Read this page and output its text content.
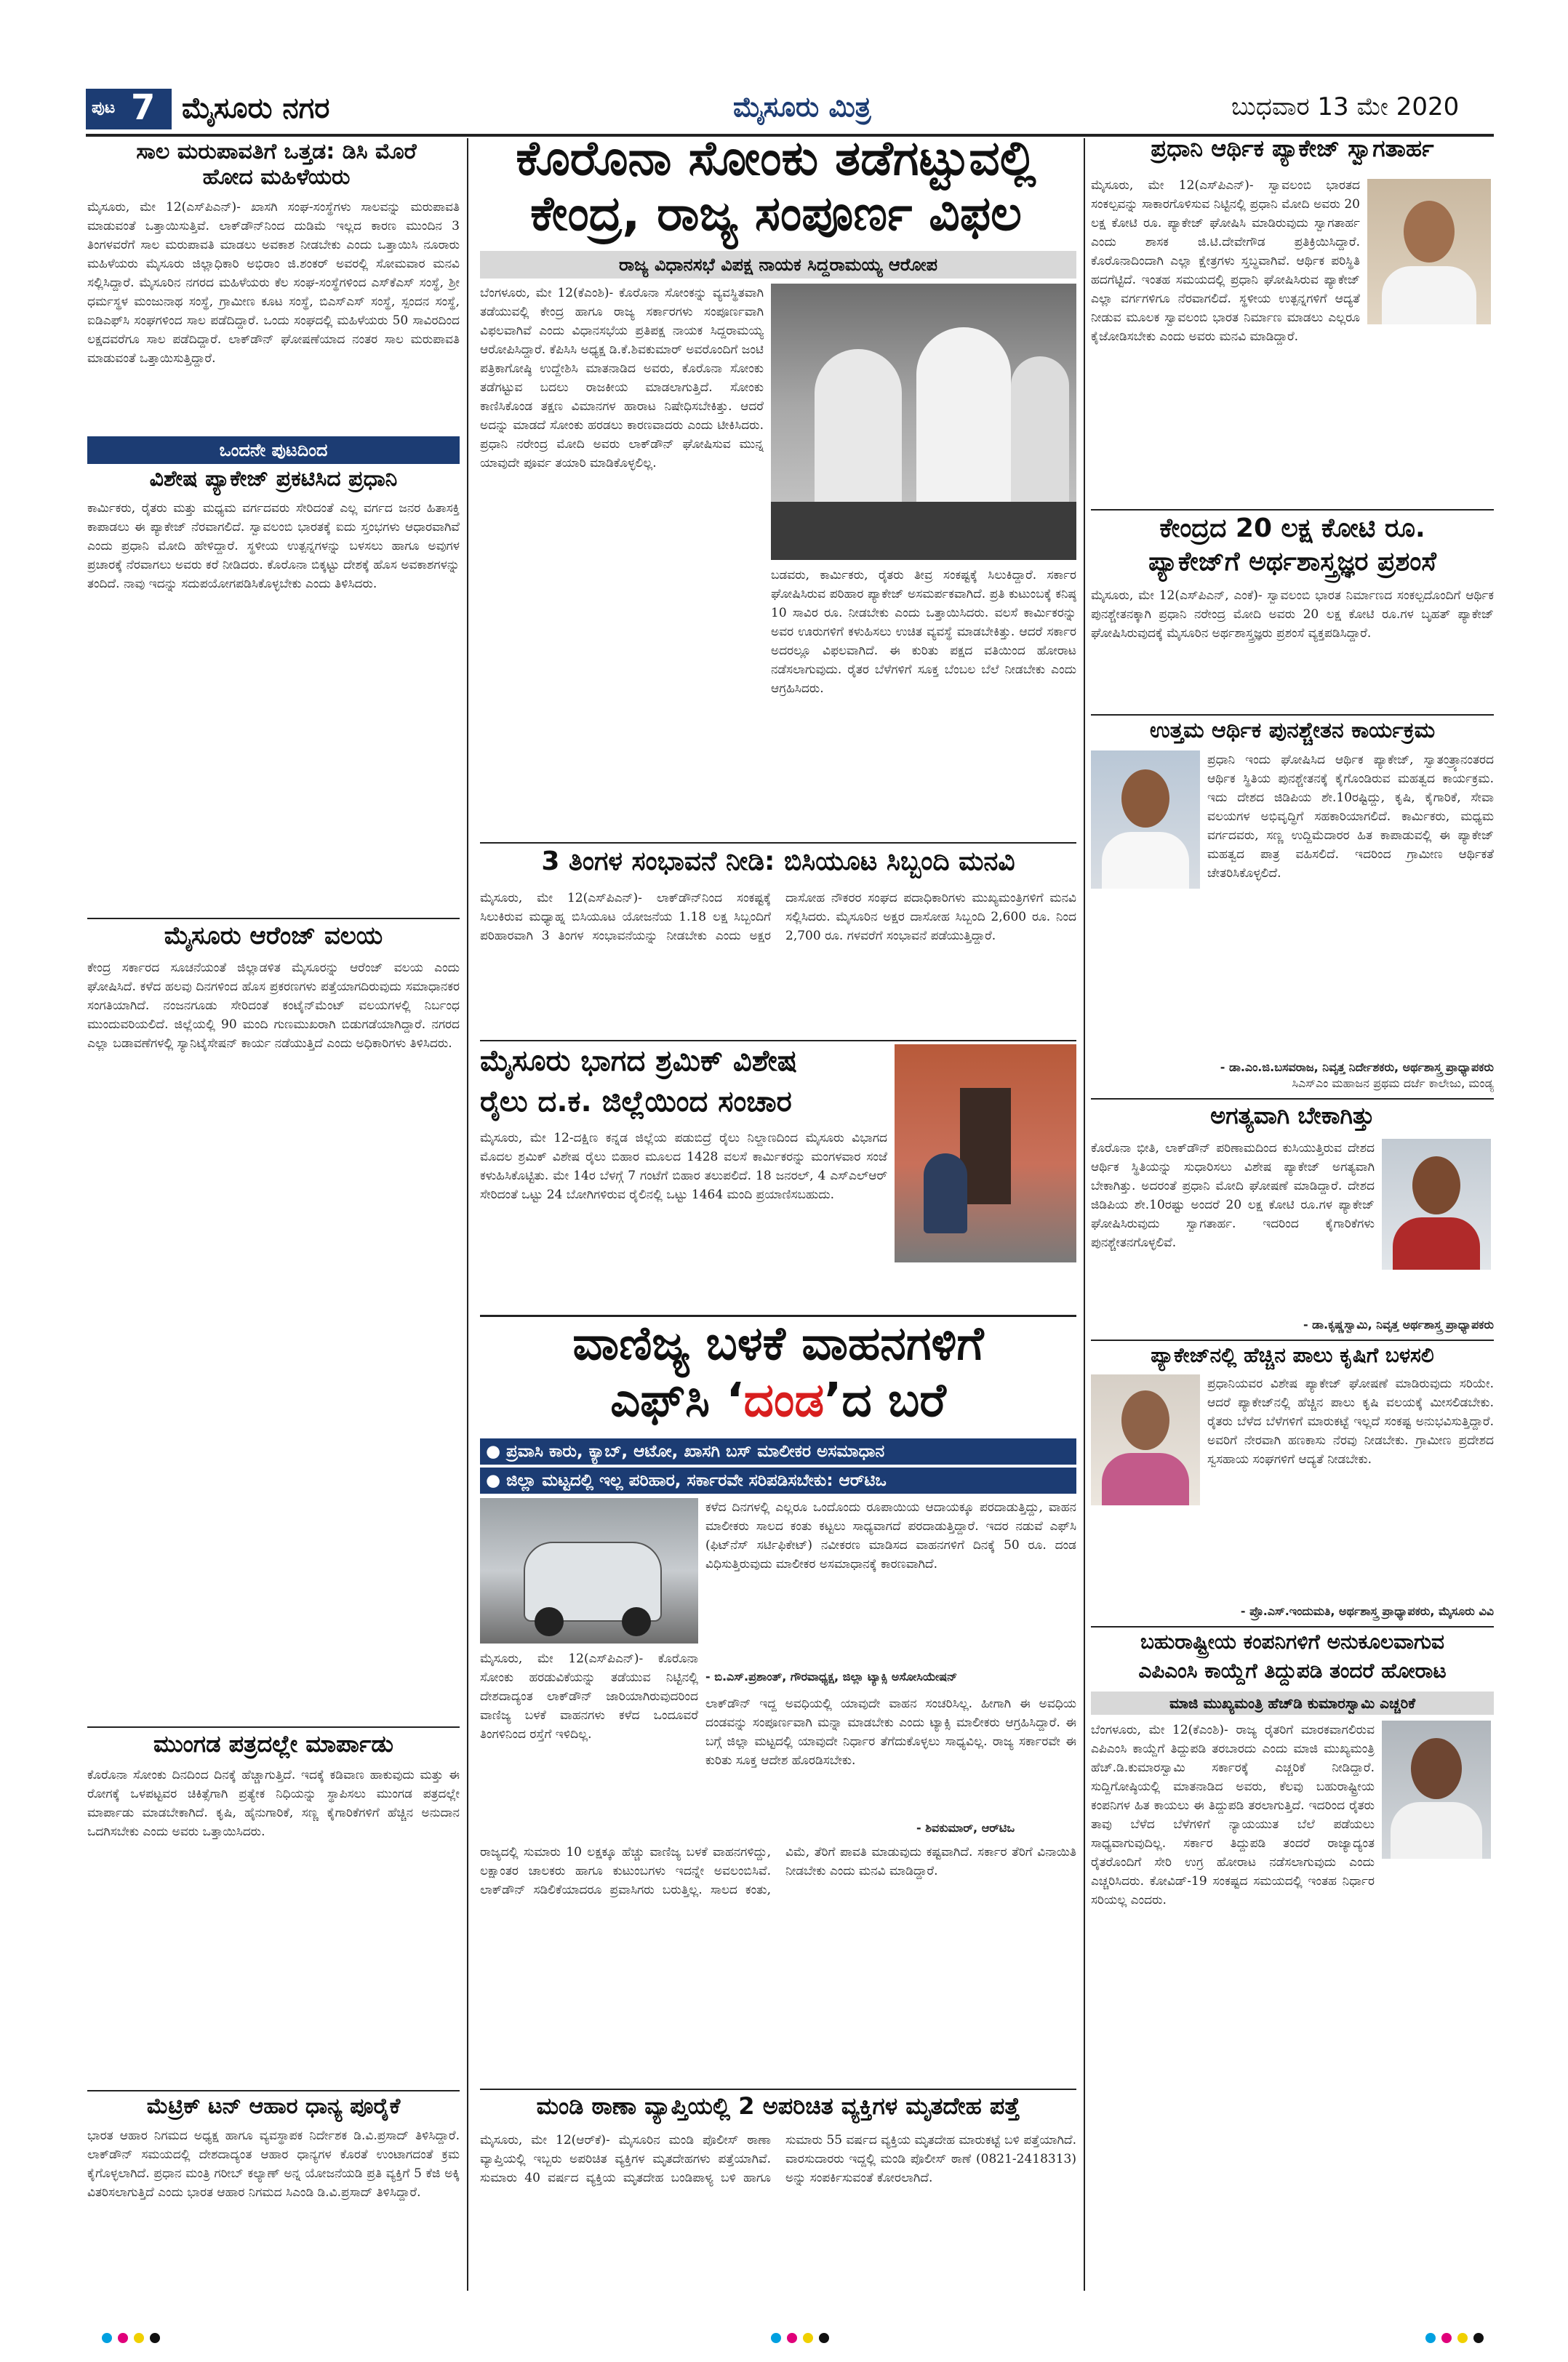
ಪುಟ 7 ಮೈಸೂರು ನಗರ	ಮೈಸೂರು ಮಿತ್ರ	ಬುಧವಾರ 13 ಮೇ 2020
ಸಾಲ ಮರುಪಾವತಿಗೆ ಒತ್ತಡ: ಡಿಸಿ ಮೊರೆ ಹೋದ ಮಹಿಳೆಯರು
ಮೈಸೂರು, ಮೇ 12(ಎಸ್‌ಪಿಎನ್)- ಖಾಸಗಿ ಸಂಘ-ಸಂಸ್ಥೆಗಳು ಸಾಲವನ್ನು ಮರುಪಾವತಿ ಮಾಡುವಂತೆ ಒತ್ತಾಯಿಸುತ್ತಿವೆ. ಲಾಕ್‌ಡೌನ್‌ನಿಂದ ದುಡಿಮೆ ಇಲ್ಲದ ಕಾರಣ ಮುಂದಿನ 3 ತಿಂಗಳವರೆಗೆ ಸಾಲ ಮರುಪಾವತಿ ಮಾಡಲು ಅವಕಾಶ ನೀಡಬೇಕು ಎಂದು ಒತ್ತಾಯಿಸಿ ನೂರಾರು ಮಹಿಳೆಯರು ಮೈಸೂರು ಜಿಲ್ಲಾಧಿಕಾರಿ ಅಭಿರಾಂ ಜಿ.ಶಂಕರ್ ಅವರಲ್ಲಿ ಸೋಮವಾರ ಮನವಿ ಸಲ್ಲಿಸಿದ್ದಾರೆ. ಮೈಸೂರಿನ ನಗರದ ಮಹಿಳೆಯರು ಕೆಲ ಸಂಘ-ಸಂಸ್ಥೆಗಳಿಂದ ಎಸ್‌ಕೆಎಸ್ ಸಂಸ್ಥೆ, ಶ್ರೀ ಧರ್ಮಸ್ಥಳ ಮಂಜುನಾಥ ಸಂಸ್ಥೆ, ಗ್ರಾಮೀಣ ಕೂಟ ಸಂಸ್ಥೆ, ಬಿಎಸ್‌ಎಸ್ ಸಂಸ್ಥೆ, ಸ್ಪಂದನ ಸಂಸ್ಥೆ, ಐಡಿಎಫ್‌ಸಿ ಸಂಘಗಳಿಂದ ಸಾಲ ಪಡೆದಿದ್ದಾರೆ. ಒಂದು ಸಂಘದಲ್ಲಿ ಮಹಿಳೆಯರು 50 ಸಾವಿರದಿಂದ ಲಕ್ಷದವರೆಗೂ ಸಾಲ ಪಡೆದಿದ್ದಾರೆ. ಲಾಕ್‌ಡೌನ್ ಘೋಷಣೆಯಾದ ನಂತರ ಸಾಲ ಮರುಪಾವತಿ ಮಾಡುವಂತೆ ಒತ್ತಾಯಿಸುತ್ತಿದ್ದಾರೆ.
ಒಂದನೇ ಪುಟದಿಂದ
ವಿಶೇಷ ಪ್ಯಾಕೇಜ್ ಪ್ರಕಟಿಸಿದ ಪ್ರಧಾನಿ
ಕಾರ್ಮಿಕರು, ರೈತರು ಮತ್ತು ಮಧ್ಯಮ ವರ್ಗದವರು ಸೇರಿದಂತೆ ಎಲ್ಲ ವರ್ಗದ ಜನರ ಹಿತಾಸಕ್ತಿ ಕಾಪಾಡಲು ಈ ಪ್ಯಾಕೇಜ್ ನೆರವಾಗಲಿದೆ. ಸ್ವಾವಲಂಬಿ ಭಾರತಕ್ಕೆ ಐದು ಸ್ತಂಭಗಳು ಆಧಾರವಾಗಿವೆ ಎಂದು ಪ್ರಧಾನಿ ಮೋದಿ ಹೇಳಿದ್ದಾರೆ. ಸ್ಥಳೀಯ ಉತ್ಪನ್ನಗಳನ್ನು ಬಳಸಲು ಹಾಗೂ ಅವುಗಳ ಪ್ರಚಾರಕ್ಕೆ ನೆರವಾಗಲು ಅವರು ಕರೆ ನೀಡಿದರು. ಕೊರೊನಾ ಬಿಕ್ಕಟ್ಟು ದೇಶಕ್ಕೆ ಹೊಸ ಅವಕಾಶಗಳನ್ನು ತಂದಿದೆ. ನಾವು ಇದನ್ನು ಸದುಪಯೋಗಪಡಿಸಿಕೊಳ್ಳಬೇಕು ಎಂದು ತಿಳಿಸಿದರು.
ಮೈಸೂರು ಆರೆಂಜ್ ವಲಯ
ಕೇಂದ್ರ ಸರ್ಕಾರದ ಸೂಚನೆಯಂತೆ ಜಿಲ್ಲಾಡಳಿತ ಮೈಸೂರನ್ನು ಆರೆಂಜ್ ವಲಯ ಎಂದು ಘೋಷಿಸಿದೆ. ಕಳೆದ ಹಲವು ದಿನಗಳಿಂದ ಹೊಸ ಪ್ರಕರಣಗಳು ಪತ್ತೆಯಾಗದಿರುವುದು ಸಮಾಧಾನಕರ ಸಂಗತಿಯಾಗಿದೆ. ನಂಜನಗೂಡು ಸೇರಿದಂತೆ ಕಂಟೈನ್‌ಮೆಂಟ್ ವಲಯಗಳಲ್ಲಿ ನಿರ್ಬಂಧ ಮುಂದುವರಿಯಲಿದೆ. ಜಿಲ್ಲೆಯಲ್ಲಿ 90 ಮಂದಿ ಗುಣಮುಖರಾಗಿ ಬಿಡುಗಡೆಯಾಗಿದ್ದಾರೆ. ನಗರದ ಎಲ್ಲಾ ಬಡಾವಣೆಗಳಲ್ಲಿ ಸ್ಯಾನಿಟೈಸೇಷನ್ ಕಾರ್ಯ ನಡೆಯುತ್ತಿದೆ ಎಂದು ಅಧಿಕಾರಿಗಳು ತಿಳಿಸಿದರು.
ಮುಂಗಡ ಪತ್ರದಲ್ಲೇ ಮಾರ್ಪಾಡು
ಕೊರೊನಾ ಸೋಂಕು ದಿನದಿಂದ ದಿನಕ್ಕೆ ಹೆಚ್ಚಾಗುತ್ತಿದೆ. ಇದಕ್ಕೆ ಕಡಿವಾಣ ಹಾಕುವುದು ಮತ್ತು ಈ ರೋಗಕ್ಕೆ ಒಳಪಟ್ಟವರ ಚಿಕಿತ್ಸೆಗಾಗಿ ಪ್ರತ್ಯೇಕ ನಿಧಿಯನ್ನು ಸ್ಥಾಪಿಸಲು ಮುಂಗಡ ಪತ್ರದಲ್ಲೇ ಮಾರ್ಪಾಡು ಮಾಡಬೇಕಾಗಿದೆ. ಕೃಷಿ, ಹೈನುಗಾರಿಕೆ, ಸಣ್ಣ ಕೈಗಾರಿಕೆಗಳಿಗೆ ಹೆಚ್ಚಿನ ಅನುದಾನ ಒದಗಿಸಬೇಕು ಎಂದು ಅವರು ಒತ್ತಾಯಿಸಿದರು.
ಮೆಟ್ರಿಕ್ ಟನ್ ಆಹಾರ ಧಾನ್ಯ ಪೂರೈಕೆ
ಭಾರತ ಆಹಾರ ನಿಗಮದ ಅಧ್ಯಕ್ಷ ಹಾಗೂ ವ್ಯವಸ್ಥಾಪಕ ನಿರ್ದೇಶಕ ಡಿ.ವಿ.ಪ್ರಸಾದ್ ತಿಳಿಸಿದ್ದಾರೆ. ಲಾಕ್‌ಡೌನ್ ಸಮಯದಲ್ಲಿ ದೇಶದಾದ್ಯಂತ ಆಹಾರ ಧಾನ್ಯಗಳ ಕೊರತೆ ಉಂಟಾಗದಂತೆ ಕ್ರಮ ಕೈಗೊಳ್ಳಲಾಗಿದೆ. ಪ್ರಧಾನ ಮಂತ್ರಿ ಗರೀಬ್ ಕಲ್ಯಾಣ್ ಅನ್ನ ಯೋಜನೆಯಡಿ ಪ್ರತಿ ವ್ಯಕ್ತಿಗೆ 5 ಕೆಜಿ ಅಕ್ಕಿ ವಿತರಿಸಲಾಗುತ್ತಿದೆ ಎಂದು ಭಾರತ ಆಹಾರ ನಿಗಮದ ಸಿಎಂಡಿ ಡಿ.ವಿ.ಪ್ರಸಾದ್ ತಿಳಿಸಿದ್ದಾರೆ.
ಕೊರೊನಾ ಸೋಂಕು ತಡೆಗಟ್ಟುವಲ್ಲಿ
ಕೇಂದ್ರ, ರಾಜ್ಯ ಸಂಪೂರ್ಣ ವಿಫಲ
ರಾಜ್ಯ ವಿಧಾನಸಭೆ ವಿಪಕ್ಷ ನಾಯಕ ಸಿದ್ದರಾಮಯ್ಯ ಆರೋಪ
ಬೆಂಗಳೂರು, ಮೇ 12(ಕೆಎಂಶಿ)- ಕೊರೊನಾ ಸೋಂಕನ್ನು ವ್ಯವಸ್ಥಿತವಾಗಿ ತಡೆಯುವಲ್ಲಿ ಕೇಂದ್ರ ಹಾಗೂ ರಾಜ್ಯ ಸರ್ಕಾರಗಳು ಸಂಪೂರ್ಣವಾಗಿ ವಿಫಲವಾಗಿವೆ ಎಂದು ವಿಧಾನಸಭೆಯ ಪ್ರತಿಪಕ್ಷ ನಾಯಕ ಸಿದ್ದರಾಮಯ್ಯ ಆರೋಪಿಸಿದ್ದಾರೆ. ಕೆಪಿಸಿಸಿ ಅಧ್ಯಕ್ಷ ಡಿ.ಕೆ.ಶಿವಕುಮಾರ್ ಅವರೊಂದಿಗೆ ಜಂಟಿ ಪತ್ರಿಕಾಗೋಷ್ಠಿ ಉದ್ದೇಶಿಸಿ ಮಾತನಾಡಿದ ಅವರು, ಕೊರೊನಾ ಸೋಂಕು ತಡೆಗಟ್ಟುವ ಬದಲು ರಾಜಕೀಯ ಮಾಡಲಾಗುತ್ತಿದೆ. ಸೋಂಕು ಕಾಣಿಸಿಕೊಂಡ ತಕ್ಷಣ ವಿಮಾನಗಳ ಹಾರಾಟ ನಿಷೇಧಿಸಬೇಕಿತ್ತು. ಆದರೆ ಅದನ್ನು ಮಾಡದೆ ಸೋಂಕು ಹರಡಲು ಕಾರಣವಾದರು ಎಂದು ಟೀಕಿಸಿದರು. ಪ್ರಧಾನಿ ನರೇಂದ್ರ ಮೋದಿ ಅವರು ಲಾಕ್‌ಡೌನ್ ಘೋಷಿಸುವ ಮುನ್ನ ಯಾವುದೇ ಪೂರ್ವ ತಯಾರಿ ಮಾಡಿಕೊಳ್ಳಲಿಲ್ಲ.
ಬಡವರು, ಕಾರ್ಮಿಕರು, ರೈತರು ತೀವ್ರ ಸಂಕಷ್ಟಕ್ಕೆ ಸಿಲುಕಿದ್ದಾರೆ. ಸರ್ಕಾರ ಘೋಷಿಸಿರುವ ಪರಿಹಾರ ಪ್ಯಾಕೇಜ್ ಅಸಮರ್ಪಕವಾಗಿದೆ. ಪ್ರತಿ ಕುಟುಂಬಕ್ಕೆ ಕನಿಷ್ಠ 10 ಸಾವಿರ ರೂ. ನೀಡಬೇಕು ಎಂದು ಒತ್ತಾಯಿಸಿದರು. ವಲಸೆ ಕಾರ್ಮಿಕರನ್ನು ಅವರ ಊರುಗಳಿಗೆ ಕಳುಹಿಸಲು ಉಚಿತ ವ್ಯವಸ್ಥೆ ಮಾಡಬೇಕಿತ್ತು. ಆದರೆ ಸರ್ಕಾರ ಅದರಲ್ಲೂ ವಿಫಲವಾಗಿದೆ. ಈ ಕುರಿತು ಪಕ್ಷದ ವತಿಯಿಂದ ಹೋರಾಟ ನಡೆಸಲಾಗುವುದು. ರೈತರ ಬೆಳೆಗಳಿಗೆ ಸೂಕ್ತ ಬೆಂಬಲ ಬೆಲೆ ನೀಡಬೇಕು ಎಂದು ಆಗ್ರಹಿಸಿದರು.
3 ತಿಂಗಳ ಸಂಭಾವನೆ ನೀಡಿ: ಬಿಸಿಯೂಟ ಸಿಬ್ಬಂದಿ ಮನವಿ
ಮೈಸೂರು, ಮೇ 12(ಎಸ್‌ಪಿಎನ್)- ಲಾಕ್‌ಡೌನ್‌ನಿಂದ ಸಂಕಷ್ಟಕ್ಕೆ ಸಿಲುಕಿರುವ ಮಧ್ಯಾಹ್ನ ಬಿಸಿಯೂಟ ಯೋಜನೆಯ 1.18 ಲಕ್ಷ ಸಿಬ್ಬಂದಿಗೆ ಪರಿಹಾರವಾಗಿ 3 ತಿಂಗಳ ಸಂಭಾವನೆಯನ್ನು ನೀಡಬೇಕು ಎಂದು ಅಕ್ಷರ ದಾಸೋಹ ನೌಕರರ ಸಂಘದ ಪದಾಧಿಕಾರಿಗಳು ಮುಖ್ಯಮಂತ್ರಿಗಳಿಗೆ ಮನವಿ ಸಲ್ಲಿಸಿದರು. ಮೈಸೂರಿನ ಅಕ್ಷರ ದಾಸೋಹ ಸಿಬ್ಬಂದಿ 2,600 ರೂ. ನಿಂದ 2,700 ರೂ. ಗಳವರೆಗೆ ಸಂಭಾವನೆ ಪಡೆಯುತ್ತಿದ್ದಾರೆ.
ಮೈಸೂರು ಭಾಗದ ಶ್ರಮಿಕ್ ವಿಶೇಷ
ರೈಲು ದ.ಕ. ಜಿಲ್ಲೆಯಿಂದ ಸಂಚಾರ
ಮೈಸೂರು, ಮೇ 12-ದಕ್ಷಿಣ ಕನ್ನಡ ಜಿಲ್ಲೆಯ ಪಡುಬಿದ್ರೆ ರೈಲು ನಿಲ್ದಾಣದಿಂದ ಮೈಸೂರು ವಿಭಾಗದ ಮೊದಲ ಶ್ರಮಿಕ್ ವಿಶೇಷ ರೈಲು ಬಿಹಾರ ಮೂಲದ 1428 ವಲಸೆ ಕಾರ್ಮಿಕರನ್ನು ಮಂಗಳವಾರ ಸಂಜೆ ಕಳುಹಿಸಿಕೊಟ್ಟಿತು. ಮೇ 14ರ ಬೆಳಗ್ಗೆ 7 ಗಂಟೆಗೆ ಬಿಹಾರ ತಲುಪಲಿದೆ. 18 ಜನರಲ್, 4 ಎಸ್‌ಎಲ್‌ಆರ್ ಸೇರಿದಂತೆ ಒಟ್ಟು 24 ಬೋಗಿಗಳಿರುವ ರೈಲಿನಲ್ಲಿ ಒಟ್ಟು 1464 ಮಂದಿ ಪ್ರಯಾಣಿಸಬಹುದು.
ವಾಣಿಜ್ಯ ಬಳಕೆ ವಾಹನಗಳಿಗೆ
ಎಫ್‌ಸಿ ‘ದಂಡ’ದ ಬರೆ
● ಪ್ರವಾಸಿ ಕಾರು, ಕ್ಯಾಬ್, ಆಟೋ, ಖಾಸಗಿ ಬಸ್ ಮಾಲೀಕರ ಅಸಮಾಧಾನ
● ಜಿಲ್ಲಾ ಮಟ್ಟದಲ್ಲಿ ಇಲ್ಲ ಪರಿಹಾರ, ಸರ್ಕಾರವೇ ಸರಿಪಡಿಸಬೇಕು: ಆರ್‌ಟಿಒ
ಮೈಸೂರು, ಮೇ 12(ಎಸ್‌ಪಿಎನ್)- ಕೊರೊನಾ ಸೋಂಕು ಹರಡುವಿಕೆಯನ್ನು ತಡೆಯುವ ನಿಟ್ಟಿನಲ್ಲಿ ದೇಶದಾದ್ಯಂತ ಲಾಕ್‌ಡೌನ್ ಜಾರಿಯಾಗಿರುವುದರಿಂದ ವಾಣಿಜ್ಯ ಬಳಕೆ ವಾಹನಗಳು ಕಳೆದ ಒಂದೂವರೆ ತಿಂಗಳಿನಿಂದ ರಸ್ತೆಗೆ ಇಳಿದಿಲ್ಲ.
ಕಳೆದ ದಿನಗಳಲ್ಲಿ ಎಲ್ಲರೂ ಒಂದೊಂದು ರೂಪಾಯಿಯ ಆದಾಯಕ್ಕೂ ಪರದಾಡುತ್ತಿದ್ದು, ವಾಹನ ಮಾಲೀಕರು ಸಾಲದ ಕಂತು ಕಟ್ಟಲು ಸಾಧ್ಯವಾಗದೆ ಪರದಾಡುತ್ತಿದ್ದಾರೆ. ಇದರ ನಡುವೆ ಎಫ್‌ಸಿ (ಫಿಟ್‌ನೆಸ್ ಸರ್ಟಿಫಿಕೇಟ್) ನವೀಕರಣ ಮಾಡಿಸದ ವಾಹನಗಳಿಗೆ ದಿನಕ್ಕೆ 50 ರೂ. ದಂಡ ವಿಧಿಸುತ್ತಿರುವುದು ಮಾಲೀಕರ ಅಸಮಾಧಾನಕ್ಕೆ ಕಾರಣವಾಗಿದೆ.
- ಬಿ.ಎಸ್.ಪ್ರಶಾಂತ್, ಗೌರವಾಧ್ಯಕ್ಷ, ಜಿಲ್ಲಾ ಟ್ಯಾಕ್ಸಿ ಅಸೋಸಿಯೇಷನ್
ಲಾಕ್‌ಡೌನ್ ಇದ್ದ ಅವಧಿಯಲ್ಲಿ ಯಾವುದೇ ವಾಹನ ಸಂಚರಿಸಿಲ್ಲ. ಹೀಗಾಗಿ ಈ ಅವಧಿಯ ದಂಡವನ್ನು ಸಂಪೂರ್ಣವಾಗಿ ಮನ್ನಾ ಮಾಡಬೇಕು ಎಂದು ಟ್ಯಾಕ್ಸಿ ಮಾಲೀಕರು ಆಗ್ರಹಿಸಿದ್ದಾರೆ. ಈ ಬಗ್ಗೆ ಜಿಲ್ಲಾ ಮಟ್ಟದಲ್ಲಿ ಯಾವುದೇ ನಿರ್ಧಾರ ತೆಗೆದುಕೊಳ್ಳಲು ಸಾಧ್ಯವಿಲ್ಲ. ರಾಜ್ಯ ಸರ್ಕಾರವೇ ಈ ಕುರಿತು ಸೂಕ್ತ ಆದೇಶ ಹೊರಡಿಸಬೇಕು.
- ಶಿವಕುಮಾರ್, ಆರ್‌ಟಿಒ
ರಾಜ್ಯದಲ್ಲಿ ಸುಮಾರು 10 ಲಕ್ಷಕ್ಕೂ ಹೆಚ್ಚು ವಾಣಿಜ್ಯ ಬಳಕೆ ವಾಹನಗಳಿದ್ದು, ಲಕ್ಷಾಂತರ ಚಾಲಕರು ಹಾಗೂ ಕುಟುಂಬಗಳು ಇದನ್ನೇ ಅವಲಂಬಿಸಿವೆ. ಲಾಕ್‌ಡೌನ್ ಸಡಿಲಿಕೆಯಾದರೂ ಪ್ರವಾಸಿಗರು ಬರುತ್ತಿಲ್ಲ. ಸಾಲದ ಕಂತು, ವಿಮೆ, ತೆರಿಗೆ ಪಾವತಿ ಮಾಡುವುದು ಕಷ್ಟವಾಗಿದೆ. ಸರ್ಕಾರ ತೆರಿಗೆ ವಿನಾಯಿತಿ ನೀಡಬೇಕು ಎಂದು ಮನವಿ ಮಾಡಿದ್ದಾರೆ.
ಮಂಡಿ ಠಾಣಾ ವ್ಯಾಪ್ತಿಯಲ್ಲಿ 2 ಅಪರಿಚಿತ ವ್ಯಕ್ತಿಗಳ ಮೃತದೇಹ ಪತ್ತೆ
ಮೈಸೂರು, ಮೇ 12(ಆರ್‌ಕೆ)- ಮೈಸೂರಿನ ಮಂಡಿ ಪೊಲೀಸ್ ಠಾಣಾ ವ್ಯಾಪ್ತಿಯಲ್ಲಿ ಇಬ್ಬರು ಅಪರಿಚಿತ ವ್ಯಕ್ತಿಗಳ ಮೃತದೇಹಗಳು ಪತ್ತೆಯಾಗಿವೆ. ಸುಮಾರು 40 ವರ್ಷದ ವ್ಯಕ್ತಿಯ ಮೃತದೇಹ ಬಂಡಿಪಾಳ್ಯ ಬಳಿ ಹಾಗೂ ಸುಮಾರು 55 ವರ್ಷದ ವ್ಯಕ್ತಿಯ ಮೃತದೇಹ ಮಾರುಕಟ್ಟೆ ಬಳಿ ಪತ್ತೆಯಾಗಿದೆ. ವಾರಸುದಾರರು ಇದ್ದಲ್ಲಿ ಮಂಡಿ ಪೊಲೀಸ್ ಠಾಣೆ (0821-2418313) ಅನ್ನು ಸಂಪರ್ಕಿಸುವಂತೆ ಕೋರಲಾಗಿದೆ.
ಪ್ರಧಾನಿ ಆರ್ಥಿಕ ಪ್ಯಾಕೇಜ್ ಸ್ವಾಗತಾರ್ಹ
ಮೈಸೂರು, ಮೇ 12(ಎಸ್‌ಪಿಎನ್)- ಸ್ವಾವಲಂಬಿ ಭಾರತದ ಸಂಕಲ್ಪವನ್ನು ಸಾಕಾರಗೊಳಿಸುವ ನಿಟ್ಟಿನಲ್ಲಿ ಪ್ರಧಾನಿ ಮೋದಿ ಅವರು 20 ಲಕ್ಷ ಕೋಟಿ ರೂ. ಪ್ಯಾಕೇಜ್ ಘೋಷಿಸಿ ಮಾಡಿರುವುದು ಸ್ವಾಗತಾರ್ಹ ಎಂದು ಶಾಸಕ ಜಿ.ಟಿ.ದೇವೇಗೌಡ ಪ್ರತಿಕ್ರಿಯಿಸಿದ್ದಾರೆ. ಕೊರೊನಾದಿಂದಾಗಿ ಎಲ್ಲಾ ಕ್ಷೇತ್ರಗಳು ಸ್ತಬ್ಧವಾಗಿವೆ. ಆರ್ಥಿಕ ಪರಿಸ್ಥಿತಿ ಹದಗೆಟ್ಟಿದೆ. ಇಂತಹ ಸಮಯದಲ್ಲಿ ಪ್ರಧಾನಿ ಘೋಷಿಸಿರುವ ಪ್ಯಾಕೇಜ್ ಎಲ್ಲಾ ವರ್ಗಗಳಿಗೂ ನೆರವಾಗಲಿದೆ. ಸ್ಥಳೀಯ ಉತ್ಪನ್ನಗಳಿಗೆ ಆದ್ಯತೆ ನೀಡುವ ಮೂಲಕ ಸ್ವಾವಲಂಬಿ ಭಾರತ ನಿರ್ಮಾಣ ಮಾಡಲು ಎಲ್ಲರೂ ಕೈಜೋಡಿಸಬೇಕು ಎಂದು ಅವರು ಮನವಿ ಮಾಡಿದ್ದಾರೆ.
ಕೇಂದ್ರದ 20 ಲಕ್ಷ ಕೋಟಿ ರೂ.
ಪ್ಯಾಕೇಜ್‌ಗೆ ಅರ್ಥಶಾಸ್ತ್ರಜ್ಞರ ಪ್ರಶಂಸೆ
ಮೈಸೂರು, ಮೇ 12(ಎಸ್‌ಪಿಎನ್, ಎಂಕೆ)- ಸ್ವಾವಲಂಬಿ ಭಾರತ ನಿರ್ಮಾಣದ ಸಂಕಲ್ಪದೊಂದಿಗೆ ಆರ್ಥಿಕ ಪುನಶ್ಚೇತನಕ್ಕಾಗಿ ಪ್ರಧಾನಿ ನರೇಂದ್ರ ಮೋದಿ ಅವರು 20 ಲಕ್ಷ ಕೋಟಿ ರೂ.ಗಳ ಬೃಹತ್ ಪ್ಯಾಕೇಜ್ ಘೋಷಿಸಿರುವುದಕ್ಕೆ ಮೈಸೂರಿನ ಅರ್ಥಶಾಸ್ತ್ರಜ್ಞರು ಪ್ರಶಂಸೆ ವ್ಯಕ್ತಪಡಿಸಿದ್ದಾರೆ.
ಉತ್ತಮ ಆರ್ಥಿಕ ಪುನಶ್ಚೇತನ ಕಾರ್ಯಕ್ರಮ
ಪ್ರಧಾನಿ ಇಂದು ಘೋಷಿಸಿದ ಆರ್ಥಿಕ ಪ್ಯಾಕೇಜ್, ಸ್ವಾತಂತ್ರ್ಯಾನಂತರದ ಆರ್ಥಿಕ ಸ್ಥಿತಿಯ ಪುನಶ್ಚೇತನಕ್ಕೆ ಕೈಗೊಂಡಿರುವ ಮಹತ್ವದ ಕಾರ್ಯಕ್ರಮ. ಇದು ದೇಶದ ಜಿಡಿಪಿಯ ಶೇ.10ರಷ್ಟಿದ್ದು, ಕೃಷಿ, ಕೈಗಾರಿಕೆ, ಸೇವಾ ವಲಯಗಳ ಅಭಿವೃದ್ಧಿಗೆ ಸಹಕಾರಿಯಾಗಲಿದೆ. ಕಾರ್ಮಿಕರು, ಮಧ್ಯಮ ವರ್ಗದವರು, ಸಣ್ಣ ಉದ್ದಿಮೆದಾರರ ಹಿತ ಕಾಪಾಡುವಲ್ಲಿ ಈ ಪ್ಯಾಕೇಜ್ ಮಹತ್ವದ ಪಾತ್ರ ವಹಿಸಲಿದೆ. ಇದರಿಂದ ಗ್ರಾಮೀಣ ಆರ್ಥಿಕತೆ ಚೇತರಿಸಿಕೊಳ್ಳಲಿದೆ.
- ಡಾ.ಎಂ.ಜಿ.ಬಸವರಾಜ, ನಿವೃತ್ತ ನಿರ್ದೇಶಕರು, ಅರ್ಥಶಾಸ್ತ್ರ ಪ್ರಾಧ್ಯಾಪಕರು
ಸಿಎಸ್ಎಂ ಮಹಾಜನ ಪ್ರಥಮ ದರ್ಜೆ ಕಾಲೇಜು, ಮಂಡ್ಯ
ಅಗತ್ಯವಾಗಿ ಬೇಕಾಗಿತ್ತು
ಕೊರೊನಾ ಭೀತಿ, ಲಾಕ್‌ಡೌನ್ ಪರಿಣಾಮದಿಂದ ಕುಸಿಯುತ್ತಿರುವ ದೇಶದ ಆರ್ಥಿಕ ಸ್ಥಿತಿಯನ್ನು ಸುಧಾರಿಸಲು ವಿಶೇಷ ಪ್ಯಾಕೇಜ್ ಅಗತ್ಯವಾಗಿ ಬೇಕಾಗಿತ್ತು. ಅದರಂತೆ ಪ್ರಧಾನಿ ಮೋದಿ ಘೋಷಣೆ ಮಾಡಿದ್ದಾರೆ. ದೇಶದ ಜಿಡಿಪಿಯ ಶೇ.10ರಷ್ಟು ಅಂದರೆ 20 ಲಕ್ಷ ಕೋಟಿ ರೂ.ಗಳ ಪ್ಯಾಕೇಜ್ ಘೋಷಿಸಿರುವುದು ಸ್ವಾಗತಾರ್ಹ. ಇದರಿಂದ ಕೈಗಾರಿಕೆಗಳು ಪುನಶ್ಚೇತನಗೊಳ್ಳಲಿವೆ.
- ಡಾ.ಕೃಷ್ಣಸ್ವಾಮಿ, ನಿವೃತ್ತ ಅರ್ಥಶಾಸ್ತ್ರ ಪ್ರಾಧ್ಯಾಪಕರು
ಪ್ಯಾಕೇಜ್‌ನಲ್ಲಿ ಹೆಚ್ಚಿನ ಪಾಲು ಕೃಷಿಗೆ ಬಳಸಲಿ
ಪ್ರಧಾನಿಯವರ ವಿಶೇಷ ಪ್ಯಾಕೇಜ್ ಘೋಷಣೆ ಮಾಡಿರುವುದು ಸರಿಯೇ. ಆದರೆ ಪ್ಯಾಕೇಜ್‌ನಲ್ಲಿ ಹೆಚ್ಚಿನ ಪಾಲು ಕೃಷಿ ವಲಯಕ್ಕೆ ಮೀಸಲಿಡಬೇಕು. ರೈತರು ಬೆಳೆದ ಬೆಳೆಗಳಿಗೆ ಮಾರುಕಟ್ಟೆ ಇಲ್ಲದೆ ಸಂಕಷ್ಟ ಅನುಭವಿಸುತ್ತಿದ್ದಾರೆ. ಅವರಿಗೆ ನೇರವಾಗಿ ಹಣಕಾಸು ನೆರವು ನೀಡಬೇಕು. ಗ್ರಾಮೀಣ ಪ್ರದೇಶದ ಸ್ವಸಹಾಯ ಸಂಘಗಳಿಗೆ ಆದ್ಯತೆ ನೀಡಬೇಕು.
- ಪ್ರೊ.ಎಸ್.ಇಂದುಮತಿ, ಅರ್ಥಶಾಸ್ತ್ರ ಪ್ರಾಧ್ಯಾಪಕರು, ಮೈಸೂರು ವಿವಿ
ಬಹುರಾಷ್ಟ್ರೀಯ ಕಂಪನಿಗಳಿಗೆ ಅನುಕೂಲವಾಗುವ
ಎಪಿಎಂಸಿ ಕಾಯ್ದೆಗೆ ತಿದ್ದುಪಡಿ ತಂದರೆ ಹೋರಾಟ
ಮಾಜಿ ಮುಖ್ಯಮಂತ್ರಿ ಹೆಚ್‌ಡಿ ಕುಮಾರಸ್ವಾಮಿ ಎಚ್ಚರಿಕೆ
ಬೆಂಗಳೂರು, ಮೇ 12(ಕೆಎಂಶಿ)- ರಾಜ್ಯ ರೈತರಿಗೆ ಮಾರಕವಾಗಲಿರುವ ಎಪಿಎಂಸಿ ಕಾಯ್ದೆಗೆ ತಿದ್ದುಪಡಿ ತರಬಾರದು ಎಂದು ಮಾಜಿ ಮುಖ್ಯಮಂತ್ರಿ ಹೆಚ್.ಡಿ.ಕುಮಾರಸ್ವಾಮಿ ಸರ್ಕಾರಕ್ಕೆ ಎಚ್ಚರಿಕೆ ನೀಡಿದ್ದಾರೆ. ಸುದ್ದಿಗೋಷ್ಠಿಯಲ್ಲಿ ಮಾತನಾಡಿದ ಅವರು, ಕೆಲವು ಬಹುರಾಷ್ಟ್ರೀಯ ಕಂಪನಿಗಳ ಹಿತ ಕಾಯಲು ಈ ತಿದ್ದುಪಡಿ ತರಲಾಗುತ್ತಿದೆ. ಇದರಿಂದ ರೈತರು ತಾವು ಬೆಳೆದ ಬೆಳೆಗಳಿಗೆ ನ್ಯಾಯಯುತ ಬೆಲೆ ಪಡೆಯಲು ಸಾಧ್ಯವಾಗುವುದಿಲ್ಲ. ಸರ್ಕಾರ ತಿದ್ದುಪಡಿ ತಂದರೆ ರಾಜ್ಯಾದ್ಯಂತ ರೈತರೊಂದಿಗೆ ಸೇರಿ ಉಗ್ರ ಹೋರಾಟ ನಡೆಸಲಾಗುವುದು ಎಂದು ಎಚ್ಚರಿಸಿದರು. ಕೋವಿಡ್-19 ಸಂಕಷ್ಟದ ಸಮಯದಲ್ಲಿ ಇಂತಹ ನಿರ್ಧಾರ ಸರಿಯಲ್ಲ ಎಂದರು.
